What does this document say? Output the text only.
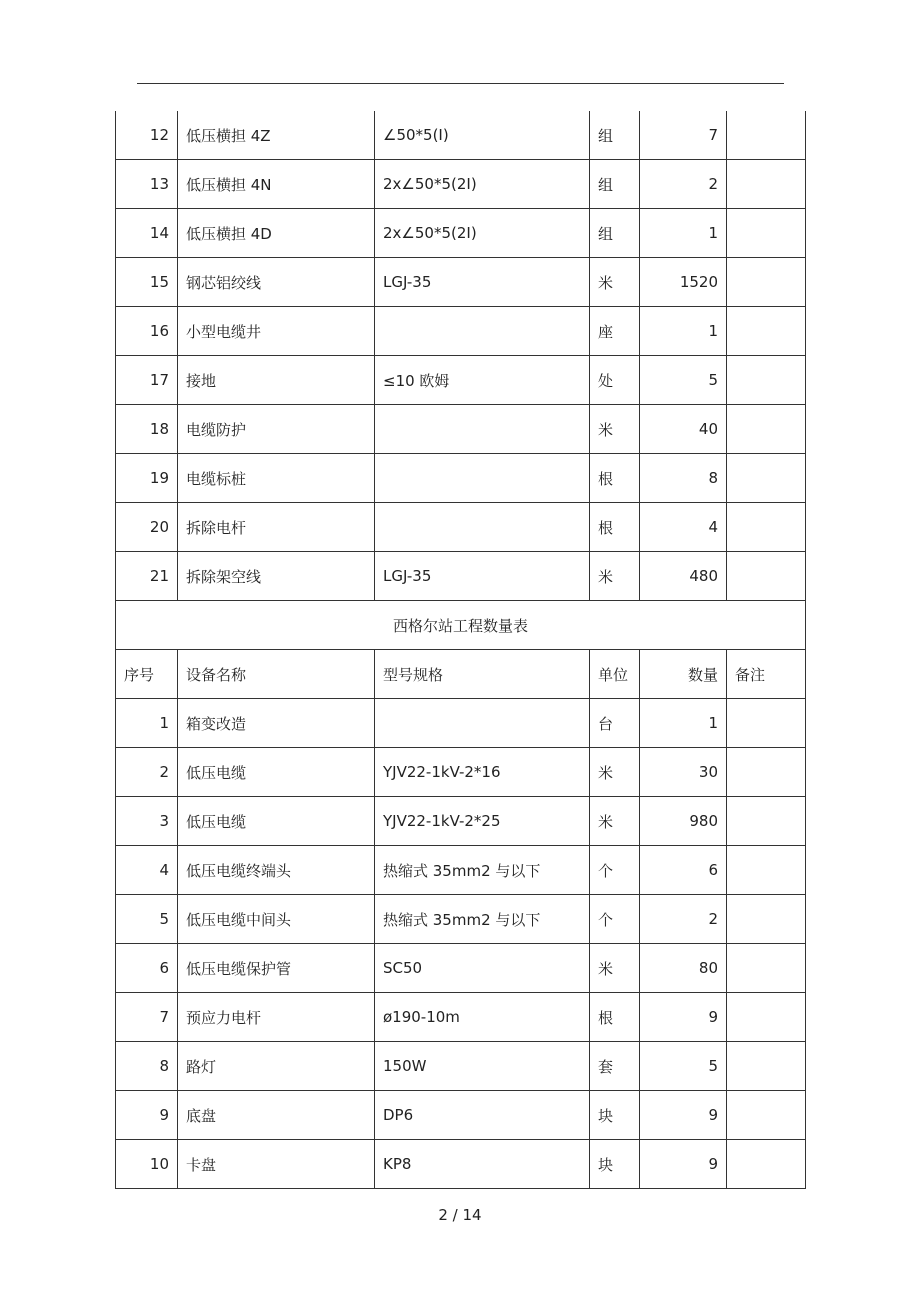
12	低压横担 4Z	∠50*5(Ⅰ)	组	7	
13	低压横担 4N	2x∠50*5(2Ⅰ)	组	2	
14	低压横担 4D	2x∠50*5(2Ⅰ)	组	1	
15	钢芯铝绞线	LGJ-35	米	1520	
16	小型电缆井		座	1	
17	接地	≤10 欧姆	处	5	
18	电缆防护		米	40	
19	电缆标桩		根	8	
20	拆除电杆		根	4	
21	拆除架空线	LGJ-35	米	480	
西格尔站工程数量表					
序号	设备名称	型号规格	单位	数量	备注
1	箱变改造		台	1	
2	低压电缆	YJV22-1kV-2*16	米	30	
3	低压电缆	YJV22-1kV-2*25	米	980	
4	低压电缆终端头	热缩式 35mm2 与以下	个	6	
5	低压电缆中间头	热缩式 35mm2 与以下	个	2	
6	低压电缆保护管	SC50	米	80	
7	预应力电杆	ø190-10m	根	9	
8	路灯	150W	套	5	
9	底盘	DP6	块	9	
10	卡盘	KP8	块	9	
2 / 14
